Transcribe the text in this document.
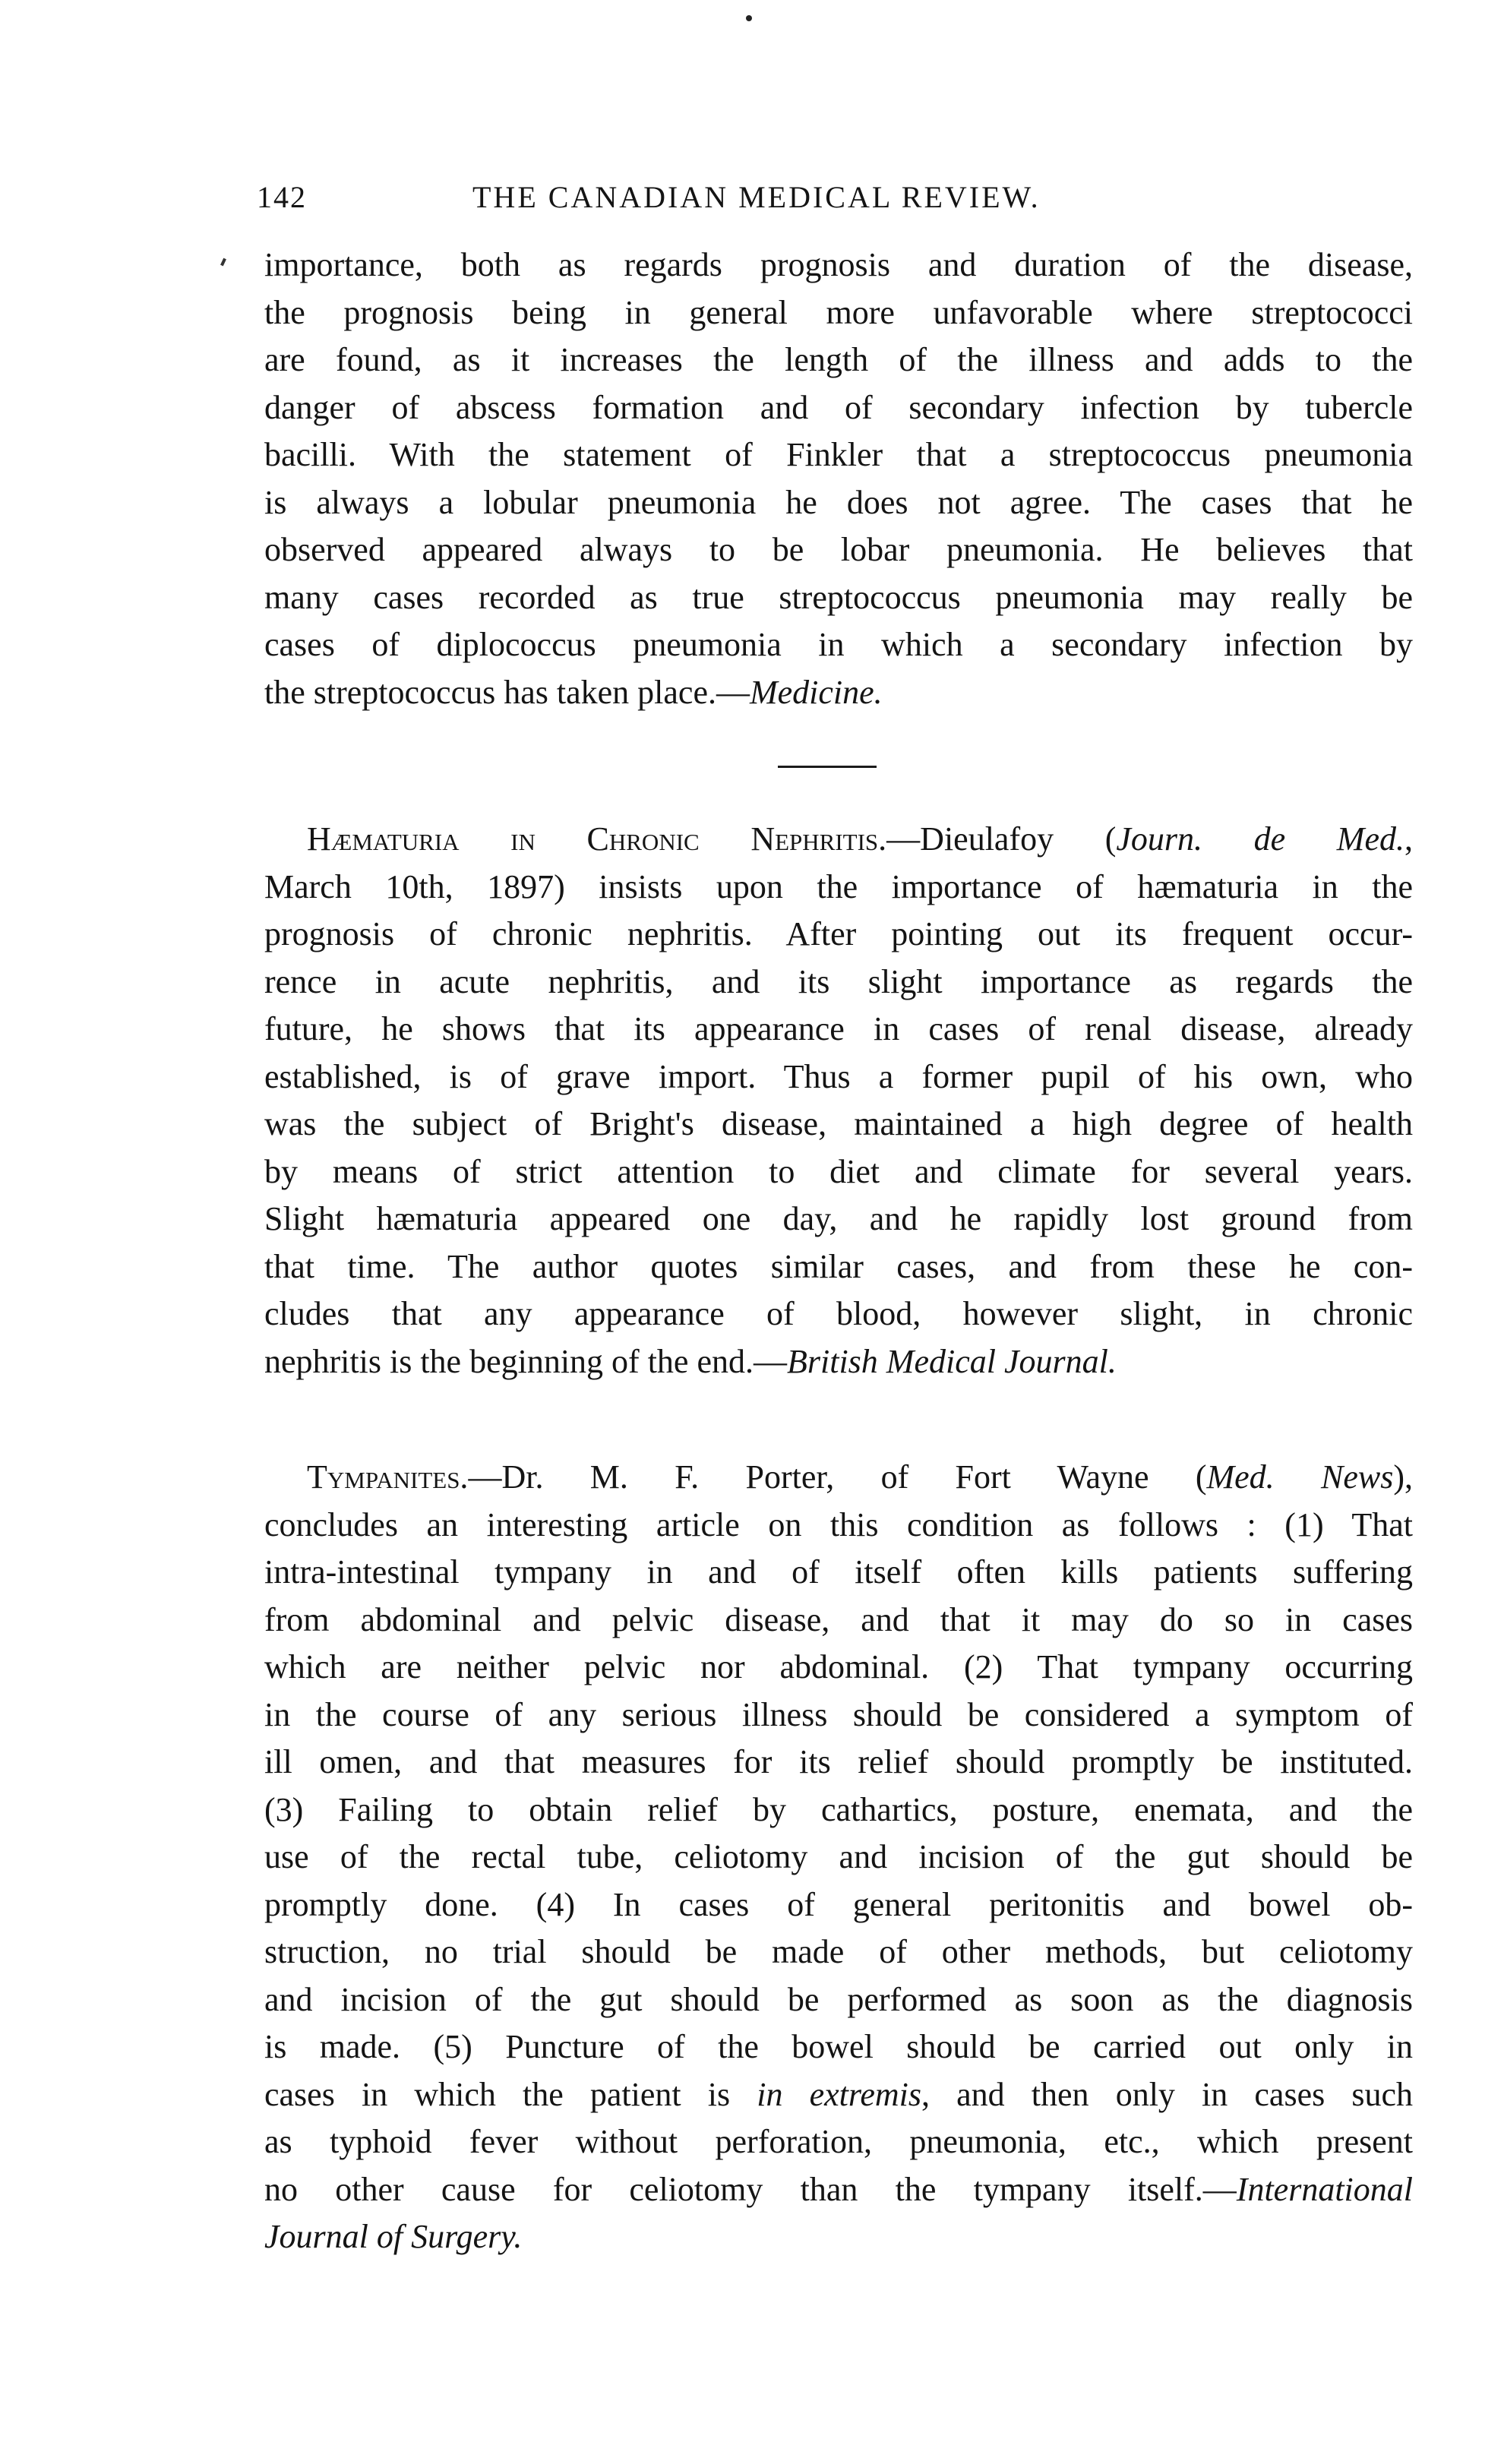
142	THE CANADIAN MEDICAL REVIEW.
importance, both as regards prognosis and duration of the disease,
the prognosis being in general more unfavorable where streptococci
are found, as it increases the length of the illness and adds to the
danger of abscess formation and of secondary infection by tubercle
bacilli. With the statement of Finkler that a streptococcus pneumonia
is always a lobular pneumonia he does not agree. The cases that he
observed appeared always to be lobar pneumonia. He believes that
many cases recorded as true streptococcus pneumonia may really be
cases of diplococcus pneumonia in which a secondary infection by
the streptococcus has taken place.—Medicine.
Hæmaturia in Chronic Nephritis.—Dieulafoy (Journ. de Med.,
March 10th, 1897) insists upon the importance of hæmaturia in the
prognosis of chronic nephritis. After pointing out its frequent occur-
rence in acute nephritis, and its slight importance as regards the
future, he shows that its appearance in cases of renal disease, already
established, is of grave import. Thus a former pupil of his own, who
was the subject of Bright's disease, maintained a high degree of health
by means of strict attention to diet and climate for several years.
Slight hæmaturia appeared one day, and he rapidly lost ground from
that time. The author quotes similar cases, and from these he con-
cludes that any appearance of blood, however slight, in chronic
nephritis is the beginning of the end.—British Medical Journal.
Tympanites.—Dr. M. F. Porter, of Fort Wayne (Med. News),
concludes an interesting article on this condition as follows : (1) That
intra-intestinal tympany in and of itself often kills patients suffering
from abdominal and pelvic disease, and that it may do so in cases
which are neither pelvic nor abdominal. (2) That tympany occurring
in the course of any serious illness should be considered a symptom of
ill omen, and that measures for its relief should promptly be instituted.
(3) Failing to obtain relief by cathartics, posture, enemata, and the
use of the rectal tube, celiotomy and incision of the gut should be
promptly done. (4) In cases of general peritonitis and bowel ob-
struction, no trial should be made of other methods, but celiotomy
and incision of the gut should be performed as soon as the diagnosis
is made. (5) Puncture of the bowel should be carried out only in
cases in which the patient is in extremis, and then only in cases such
as typhoid fever without perforation, pneumonia, etc., which present
no other cause for celiotomy than the tympany itself.—International
Journal of Surgery.
